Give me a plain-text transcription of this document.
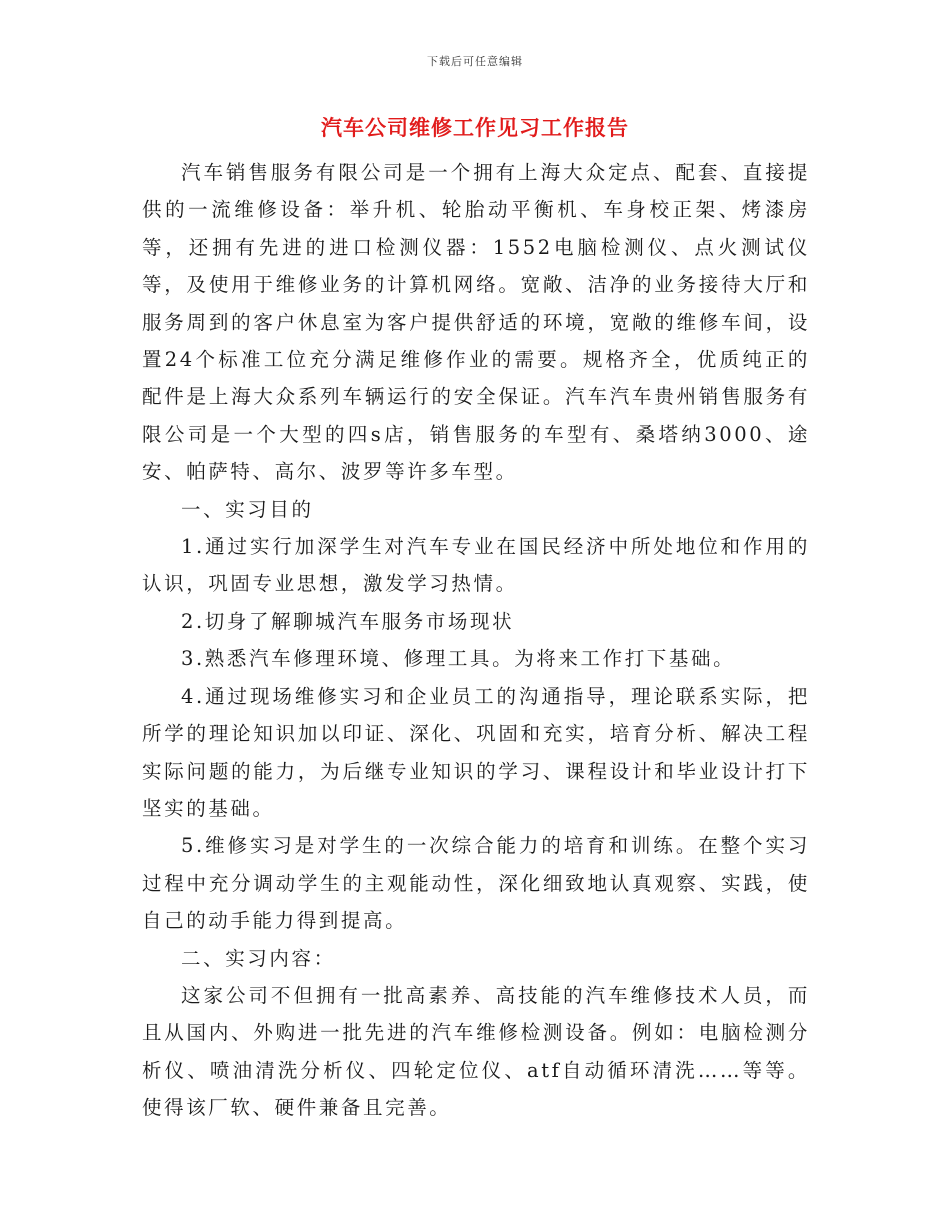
下载后可任意编辑
汽车公司维修工作见习工作报告

汽车销售服务有限公司是一个拥有上海大众定点、配套、直接提供的一流维修设备：举升机、轮胎动平衡机、车身校正架、烤漆房等，还拥有先进的进口检测仪器：1552电脑检测仪、点火测试仪等，及使用于维修业务的计算机网络。宽敞、洁净的业务接待大厅和服务周到的客户休息室为客户提供舒适的环境，宽敞的维修车间，设置24个标准工位充分满足维修作业的需要。规格齐全，优质纯正的配件是上海大众系列车辆运行的安全保证。汽车汽车贵州销售服务有限公司是一个大型的四s店，销售服务的车型有、桑塔纳3000、途安、帕萨特、高尔、波罗等许多车型。

一、实习目的

1.通过实行加深学生对汽车专业在国民经济中所处地位和作用的认识，巩固专业思想，激发学习热情。

2.切身了解聊城汽车服务市场现状

3.熟悉汽车修理环境、修理工具。为将来工作打下基础。

4.通过现场维修实习和企业员工的沟通指导，理论联系实际，把所学的理论知识加以印证、深化、巩固和充实，培育分析、解决工程实际问题的能力，为后继专业知识的学习、课程设计和毕业设计打下坚实的基础。

5.维修实习是对学生的一次综合能力的培育和训练。在整个实习过程中充分调动学生的主观能动性，深化细致地认真观察、实践，使自己的动手能力得到提高。

二、实习内容：

这家公司不但拥有一批高素养、高技能的汽车维修技术人员，而且从国内、外购进一批先进的汽车维修检测设备。例如：电脑检测分析仪、喷油清洗分析仪、四轮定位仪、atf自动循环清洗……等等。使得该厂软、硬件兼备且完善。
